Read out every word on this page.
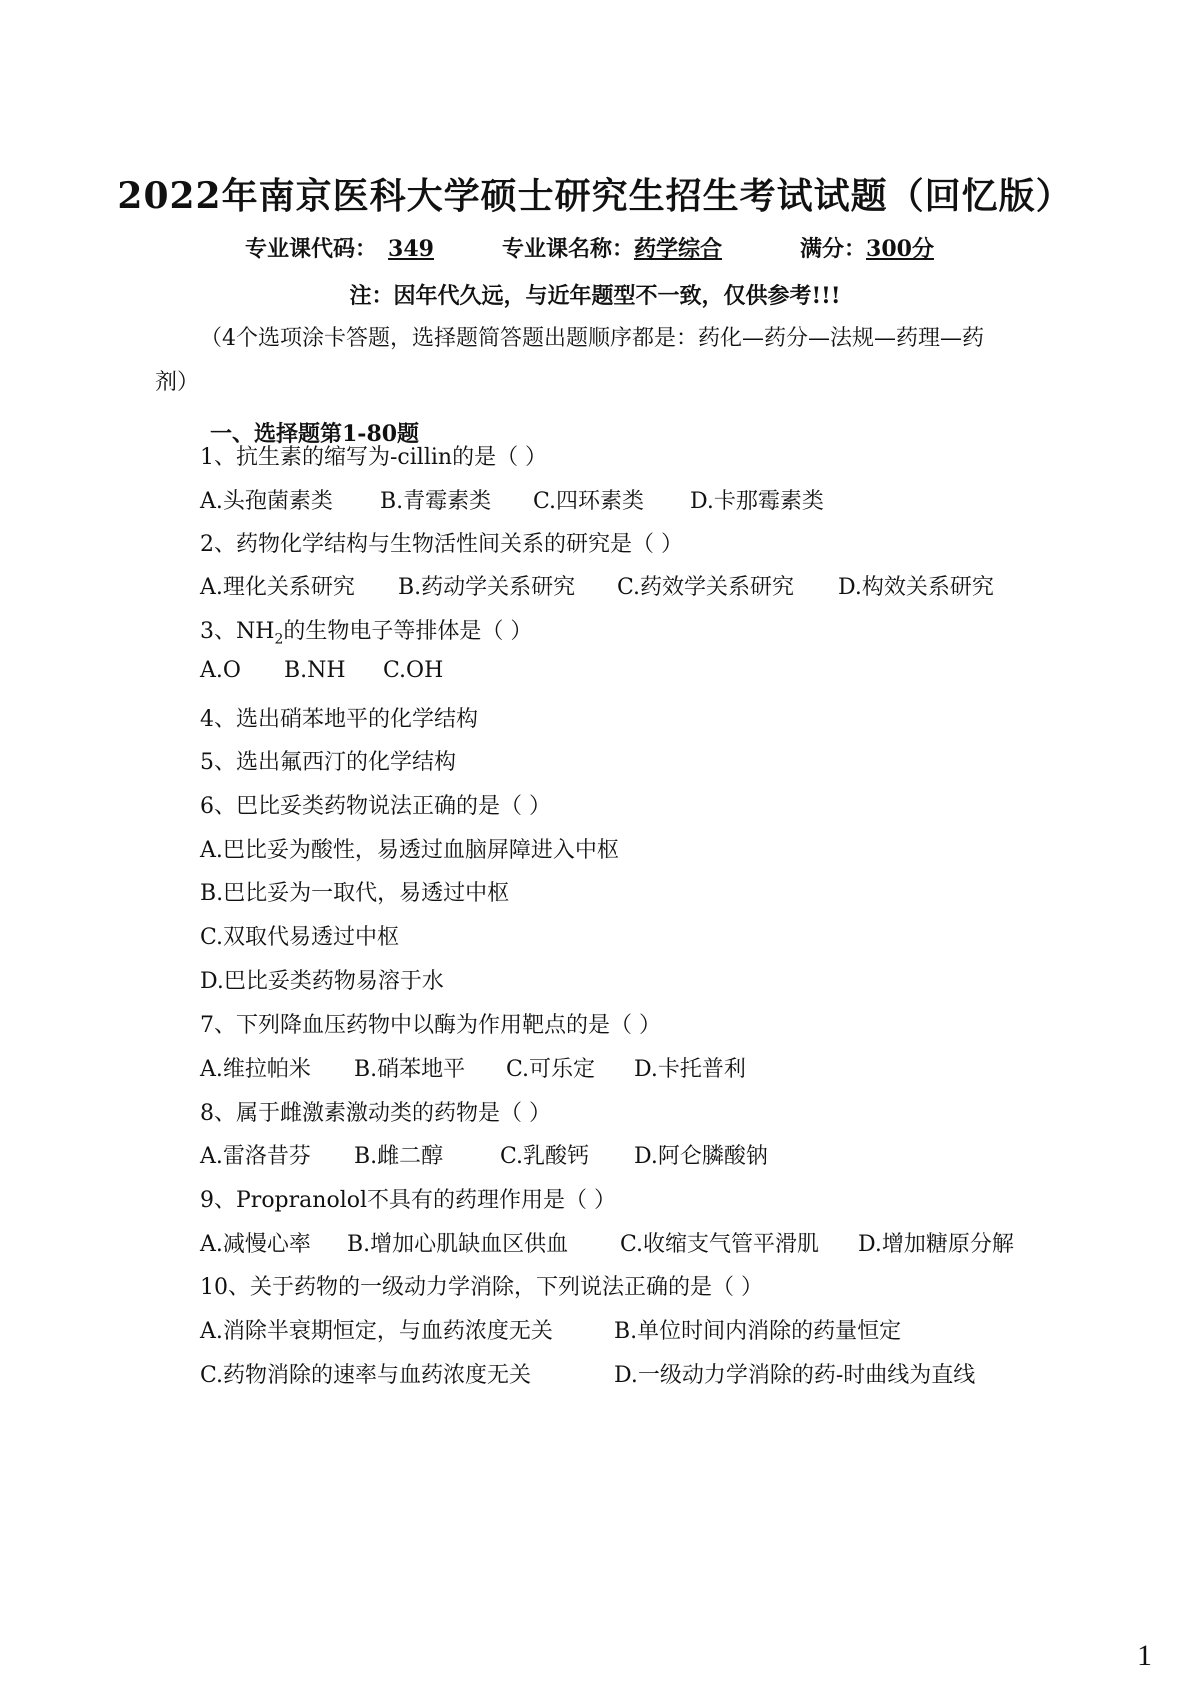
2022年南京医科大学硕士研究生招生考试试题（回忆版）
专业课代码： 349	专业课名称：药学综合	满分：300分
注：因年代久远，与近年题型不一致，仅供参考!!!
（4个选项涂卡答题，选择题简答题出题顺序都是：药化—药分—法规—药理—药
剂）
一、选择题第1-80题
1、抗生素的缩写为-cillin的是（ ）
A.头孢菌素类 B.青霉素类 C.四环素类 D.卡那霉素类
2、药物化学结构与生物活性间关系的研究是（ ）
A.理化关系研究 B.药动学关系研究 C.药效学关系研究 D.构效关系研究
3、$NH_2$的生物电子等排体是（ ）
A.O B.NH C.OH
4、选出硝苯地平的化学结构
5、选出氟西汀的化学结构
6、巴比妥类药物说法正确的是（ ）
A.巴比妥为酸性，易透过血脑屏障进入中枢
B.巴比妥为一取代，易透过中枢
C.双取代易透过中枢
D.巴比妥类药物易溶于水
7、下列降血压药物中以酶为作用靶点的是（ ）
A.维拉帕米 B.硝苯地平 C.可乐定 D.卡托普利
8、属于雌激素激动类的药物是（ ）
A.雷洛昔芬 B.雌二醇	C.乳酸钙 D.阿仑膦酸钠
9、Propranolol不具有的药理作用是（ ）
A.减慢心率 B.增加心肌缺血区供血 C.收缩支气管平滑肌 D.增加糖原分解
10、关于药物的一级动力学消除，下列说法正确的是（ ）
A.消除半衰期恒定，与血药浓度无关	B.单位时间内消除的药量恒定
C.药物消除的速率与血药浓度无关	D.一级动力学消除的药-时曲线为直线
1
